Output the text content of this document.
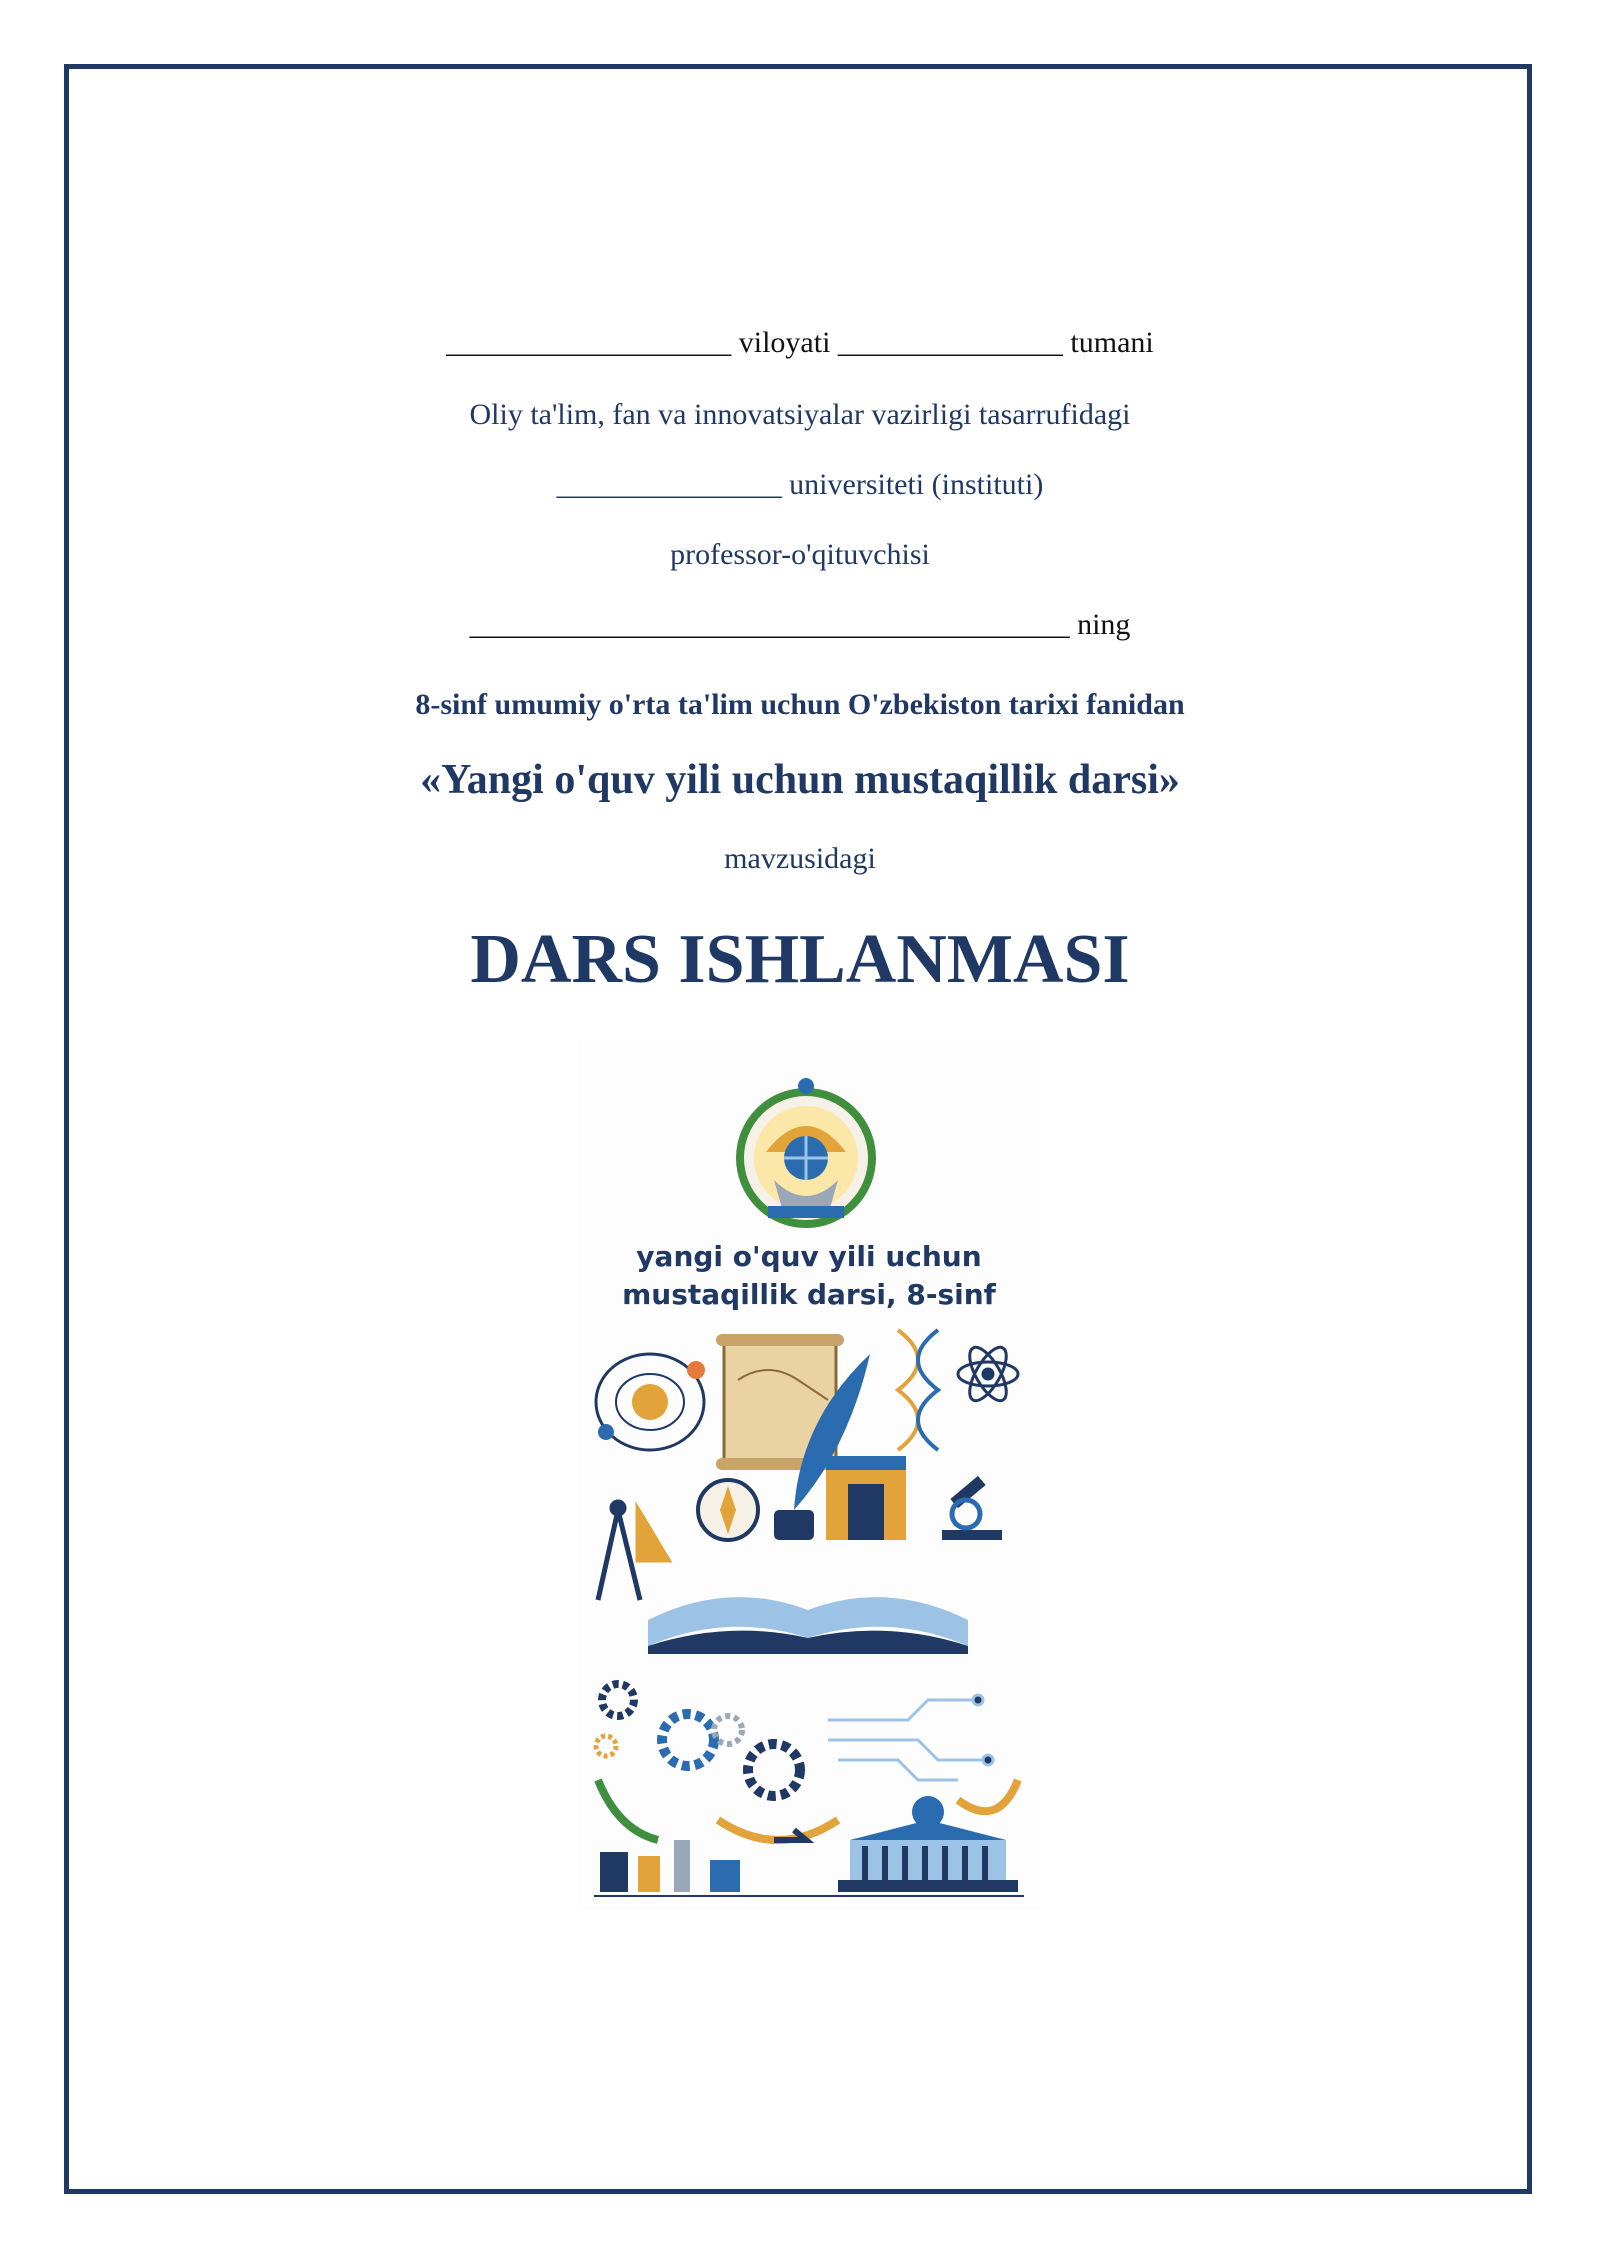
___________________ viloyati _______________ tumani
Oliy ta'lim, fan va innovatsiyalar vazirligi tasarrufidagi
_______________ universiteti (instituti)
professor-o'qituvchisi
________________________________________ ning
8-sinf umumiy o'rta ta'lim uchun O'zbekiston tarixi fanidan
«Yangi o'quv yili uchun mustaqillik darsi»
mavzusidagi
DARS ISHLANMASI
yangi o'quv yili uchun
mustaqillik darsi, 8-sinf
